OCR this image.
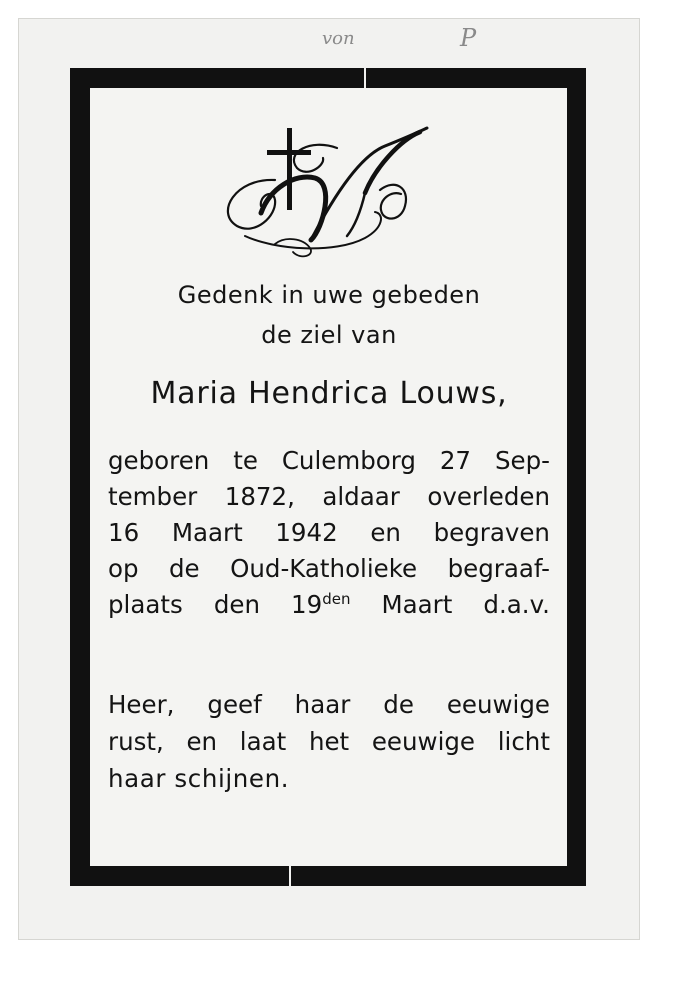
von	P
Gedenk in uwe gebeden
de ziel van
Maria Hendrica Louws,
geboren te Culemborg 27 Sep-
tember 1872, aldaar overleden
16 Maart 1942 en begraven
op de Oud-Katholieke begraaf-
plaats den $19^{den}$ Maart d.a.v.
Heer, geef haar de eeuwige
rust, en laat het eeuwige licht
haar schijnen.
